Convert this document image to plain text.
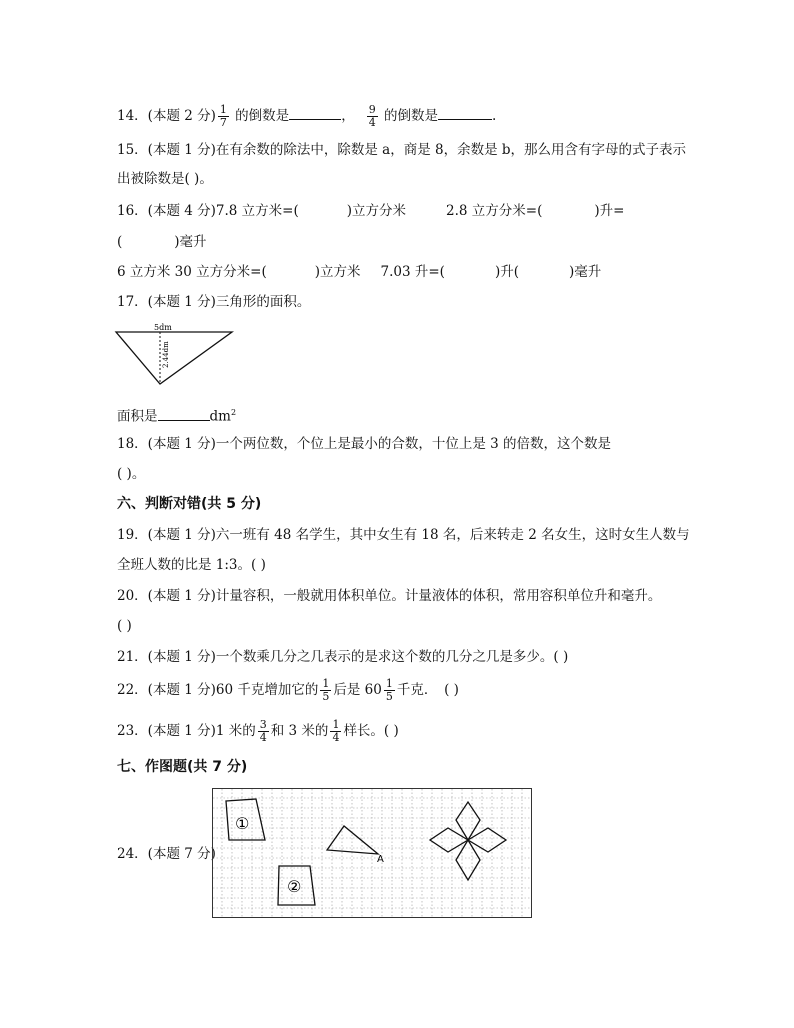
14．(本题 2 分) $\frac{1}{7}$ 的倒数是	， $\frac{9}{4}$ 的倒数是	.
15．(本题 1 分)在有余数的除法中，除数是 a，商是 8，余数是 b，那么用含有字母的式子表示
出被除数是( )。
16．(本题 4 分)7.8 立方米=(	)立方分米	2.8 立方分米=(	)升=
(	)毫升
6 立方米 30 立方分米=(	)立方米 7.03 升=(	)升(	)毫升
17．(本题 1 分)三角形的面积。
5dm
2.44dm
面积是	$dm^2$
18．(本题 1 分)一个两位数，个位上是最小的合数，十位上是 3 的倍数，这个数是
( )。
六、判断对错(共 5 分)
19．(本题 1 分)六一班有 48 名学生，其中女生有 18 名，后来转走 2 名女生，这时女生人数与
全班人数的比是 1:3。( )
20．(本题 1 分)计量容积，一般就用体积单位。计量液体的体积，常用容积单位升和毫升。
( )
21．(本题 1 分)一个数乘几分之几表示的是求这个数的几分之几是多少。( )
22．(本题 1 分)60 千克增加它的 $\frac{1}{5}$ 后是 $60 \frac{1}{5}$ 千克．　( )
23．(本题 1 分)1 米的 $\frac{3}{4}$ 和 3 米的 $\frac{1}{4}$ 样长。( )
七、作图题(共 7 分)
24．(本题 7 分)
①
A
②
